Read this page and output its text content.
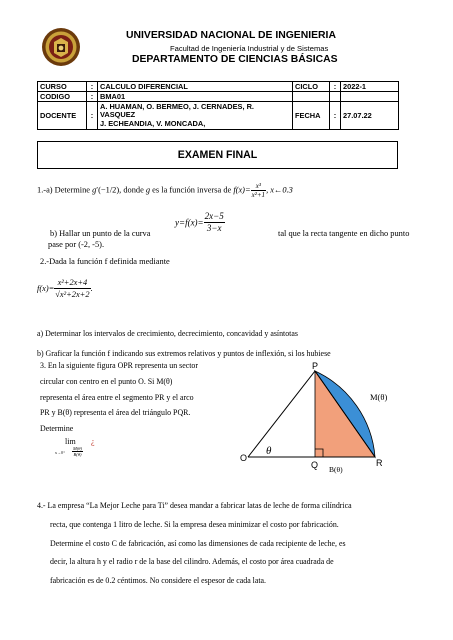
UNIVERSIDAD NACIONAL DE INGENIERIA
Facultad de Ingeniería Industrial y de Sistemas
DEPARTAMENTO DE CIENCIAS BÁSICAS
CURSO	:	CALCULO DIFERENCIAL	CICLO	:	2022-1
CODIGO	:	BMA01			
DOCENTE	:	A. HUAMAN, O. BERMEO, J. CERNADES, R.
VASQUEZ
J. ECHEANDIA, V. MONCADA,	FECHA	:	27.07.22
EXAMEN FINAL
1.-a) Determine g′(−1/2), donde g es la función inversa de $f(x)= \frac{\text{x³}}{\text{x²+1}}$ , x←0.3
b) Hallar un punto de la curva
$y=f(x)= \frac{2x-5}{3-x}$	tal que la recta tangente en dicho punto
pase por (-2, -5).
2.-Dada la función f definida mediante
$f(x)= \frac{\text{x²+2x+4}}{\text{√x²+2x+2}}$ .
a) Determinar los intervalos de crecimiento, decrecimiento, concavidad y asíntotas
b) Graficar la función f indicando sus extremos relativos y puntos de inflexión, si los hubiese
3. En la siguiente figura OPR representa un sector
circular con centro en el punto O. Si M(θ)
representa el área entre el segmento PR y el arco
PR y B(θ) representa el área del triángulo PQR.
Determine
lim ¿
$x\to 0^+ \frac{M(\theta)}{B(\theta)}$
P
O
Q	R
θ
M(θ)
B(θ)
4.- La empresa “La Mejor Leche para Ti” desea mandar a fabricar latas de leche de forma cilíndrica
recta, que contenga 1 litro de leche. Si la empresa desea minimizar el costo por fabricación.
Determine el costo C de fabricación, así como las dimensiones de cada recipiente de leche, es
decir, la altura h y el radio r de la base del cilindro. Además, el costo por área cuadrada de
fabricación es de 0.2 céntimos. No considere el espesor de cada lata.
